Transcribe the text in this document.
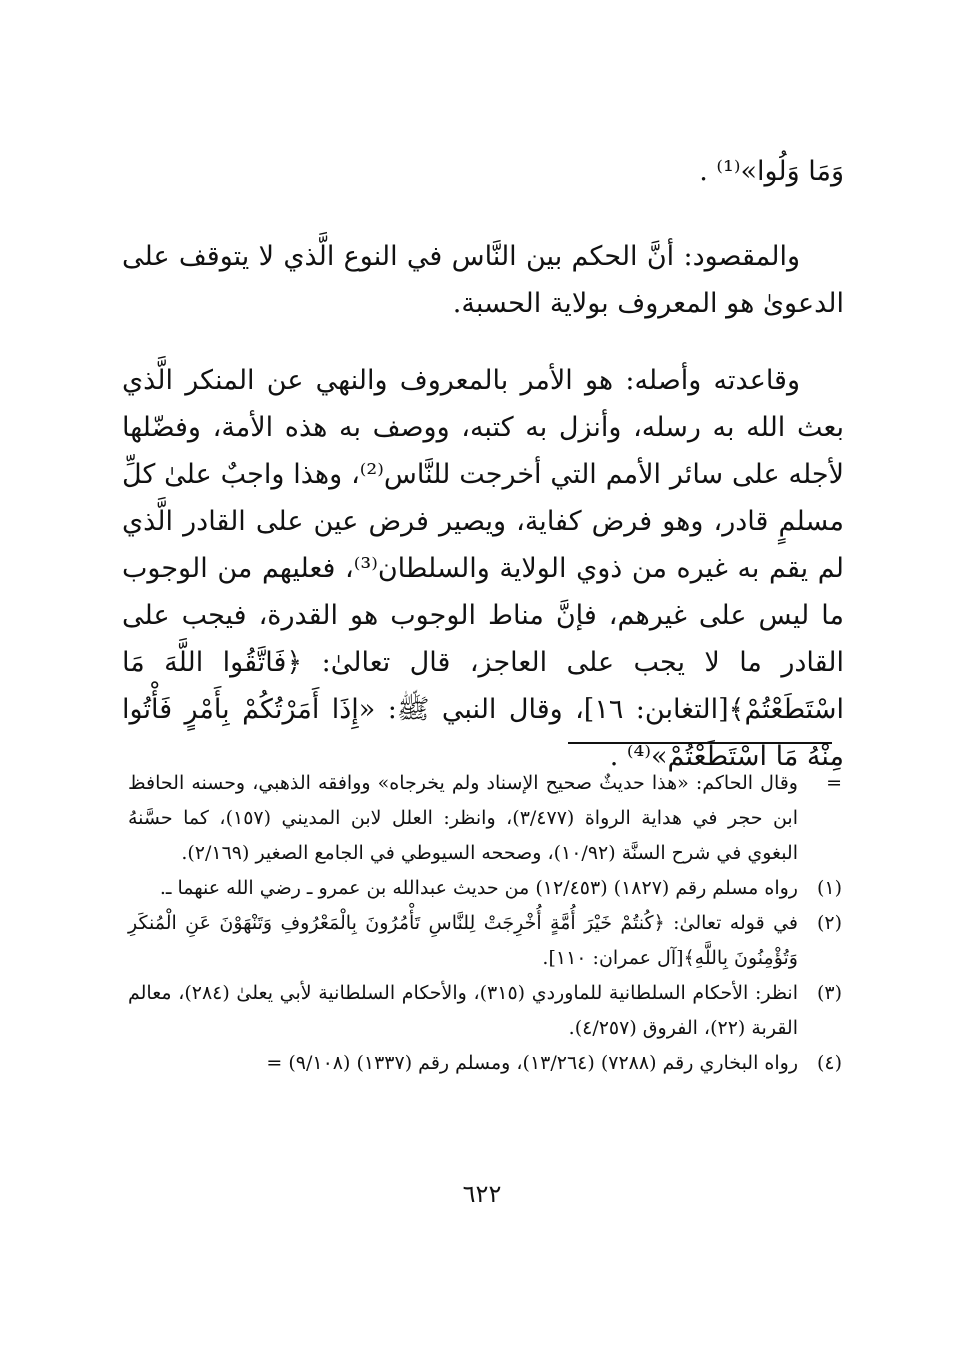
وَمَا وَلُوا»⁽¹⁾ .

والمقصود: أنَّ الحكم بين النَّاس في النوع الَّذي لا يتوقف على الدعوىٰ هو المعروف بولاية الحسبة.

وقاعدته وأصله: هو الأمر بالمعروف والنهي عن المنكر الَّذي بعث الله به رسله، وأنزل به كتبه، ووصف به هذه الأمة، وفضّلها لأجله على سائر الأمم التي أخرجت للنَّاس⁽²⁾، وهذا واجبٌ علىٰ كلِّ مسلمٍ قادر، وهو فرض كفاية، ويصير فرض عين على القادر الَّذي لم يقم به غيره من ذوي الولاية والسلطان⁽³⁾، فعليهم من الوجوب ما ليس على غيرهم، فإنَّ مناط الوجوب هو القدرة، فيجب على القادر ما لا يجب على العاجز، قال تعالىٰ: ﴿فَاتَّقُوا اللَّهَ مَا اسْتَطَعْتُمْ﴾[التغابن: ١٦]، وقال النبي ﷺ: «إِذَا أَمَرْتُكُمْ بِأَمْرٍ فَأْتُوا مِنْهُ مَا اسْتَطَعْتُمْ»⁽⁴⁾ .

=
وقال الحاكم: «هذا حديثٌ صحيح الإسناد ولم يخرجاه» ووافقه الذهبي، وحسنه الحافظ ابن حجر في هداية الرواة (٣/٤٧٧)، وانظر: العلل لابن المديني (١٥٧)، كما حسَّنهُ البغوي في شرح السنَّة (١٠/٩٢)، وصححه السيوطي في الجامع الصغير (٢/١٦٩).
(١)
رواه مسلم رقم (١٨٢٧) (١٢/٤٥٣) من حديث عبدالله بن عمرو ـ رضي الله عنهما ـ.
(٢)
في قوله تعالىٰ: ﴿كُنتُمْ خَيْرَ أُمَّةٍ أُخْرِجَتْ لِلنَّاسِ تَأْمُرُونَ بِالْمَعْرُوفِ وَتَنْهَوْنَ عَنِ الْمُنكَرِ وَتُؤْمِنُونَ بِاللَّهِ﴾[آل عمران: ١١٠].
(٣)
انظر: الأحكام السلطانية للماوردي (٣١٥)، والأحكام السلطانية لأبي يعلىٰ (٢٨٤)، معالم القربة (٢٢)، الفروق (٤/٢٥٧).
(٤)
رواه البخاري رقم (٧٢٨٨) (١٣/٢٦٤)، ومسلم رقم (١٣٣٧) (٩/١٠٨) =
٦٢٢
